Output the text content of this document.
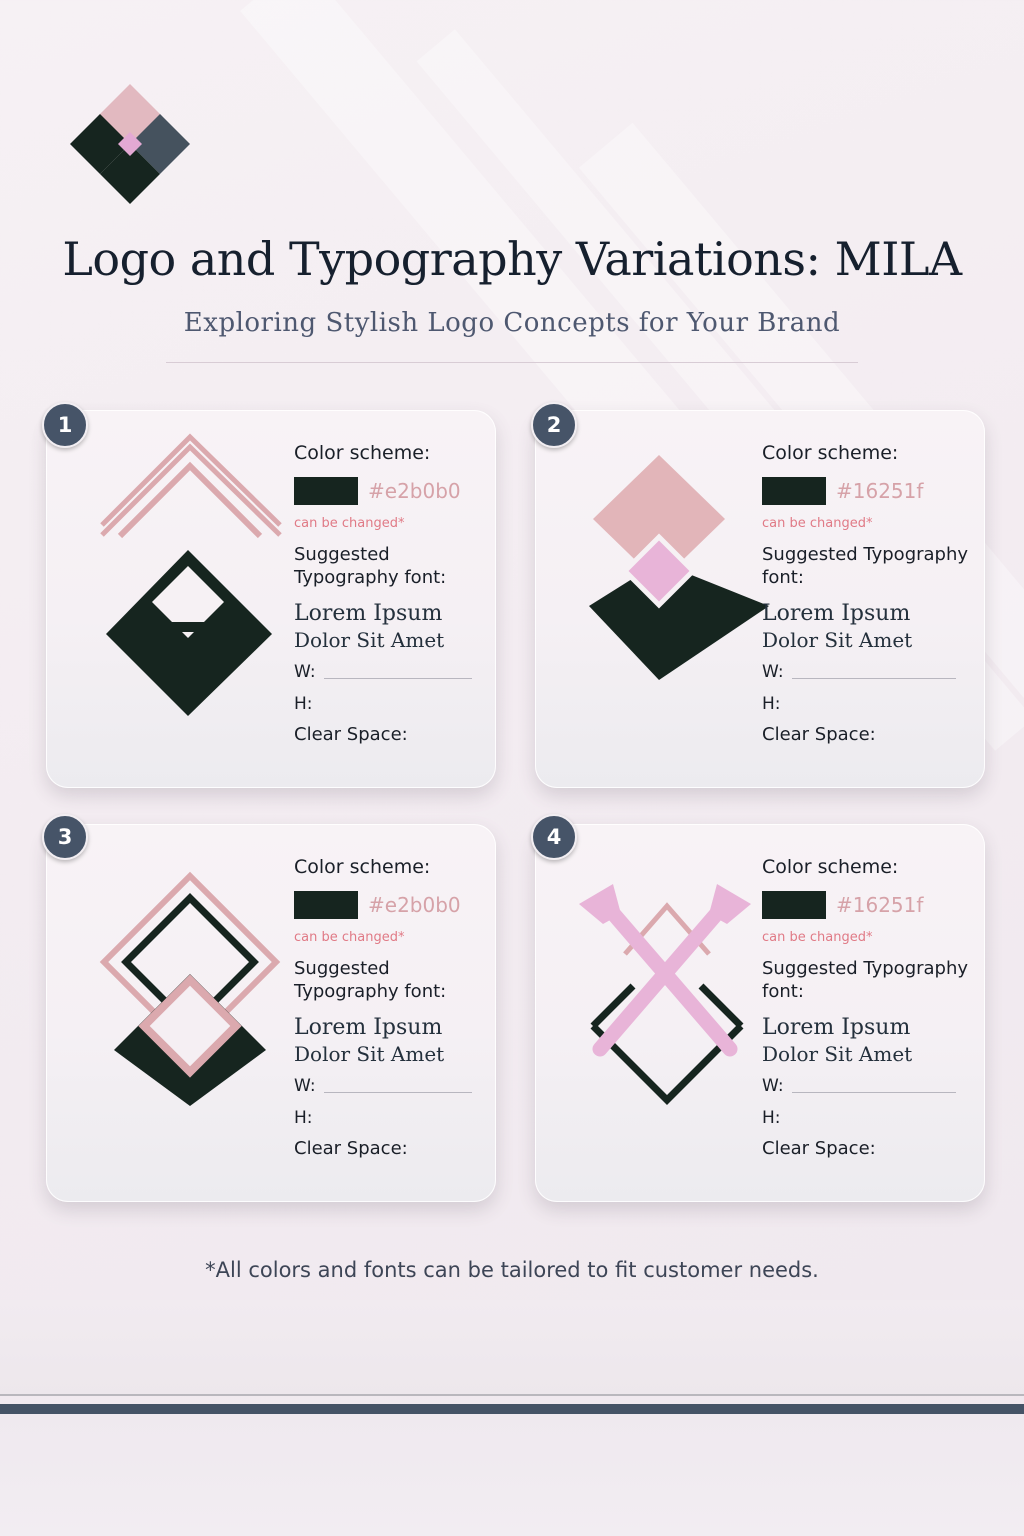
Logo and Typography Variations: MILA
Exploring Stylish Logo Concepts for Your Brand
Color scheme:
#e2b0b0
can be changed*
Suggested Typography font:
Lorem Ipsum
Dolor Sit Amet
W:
H:
Clear Space:
1
Color scheme:
#16251f
can be changed*
Suggested Typography font:
Lorem Ipsum
Dolor Sit Amet
W:
H:
Clear Space:
2
Color scheme:
#e2b0b0
can be changed*
Suggested Typography font:
Lorem Ipsum
Dolor Sit Amet
W:
H:
Clear Space:
3
Color scheme:
#16251f
can be changed*
Suggested Typography font:
Lorem Ipsum
Dolor Sit Amet
W:
H:
Clear Space:
4
*All colors and fonts can be tailored to fit customer needs.
